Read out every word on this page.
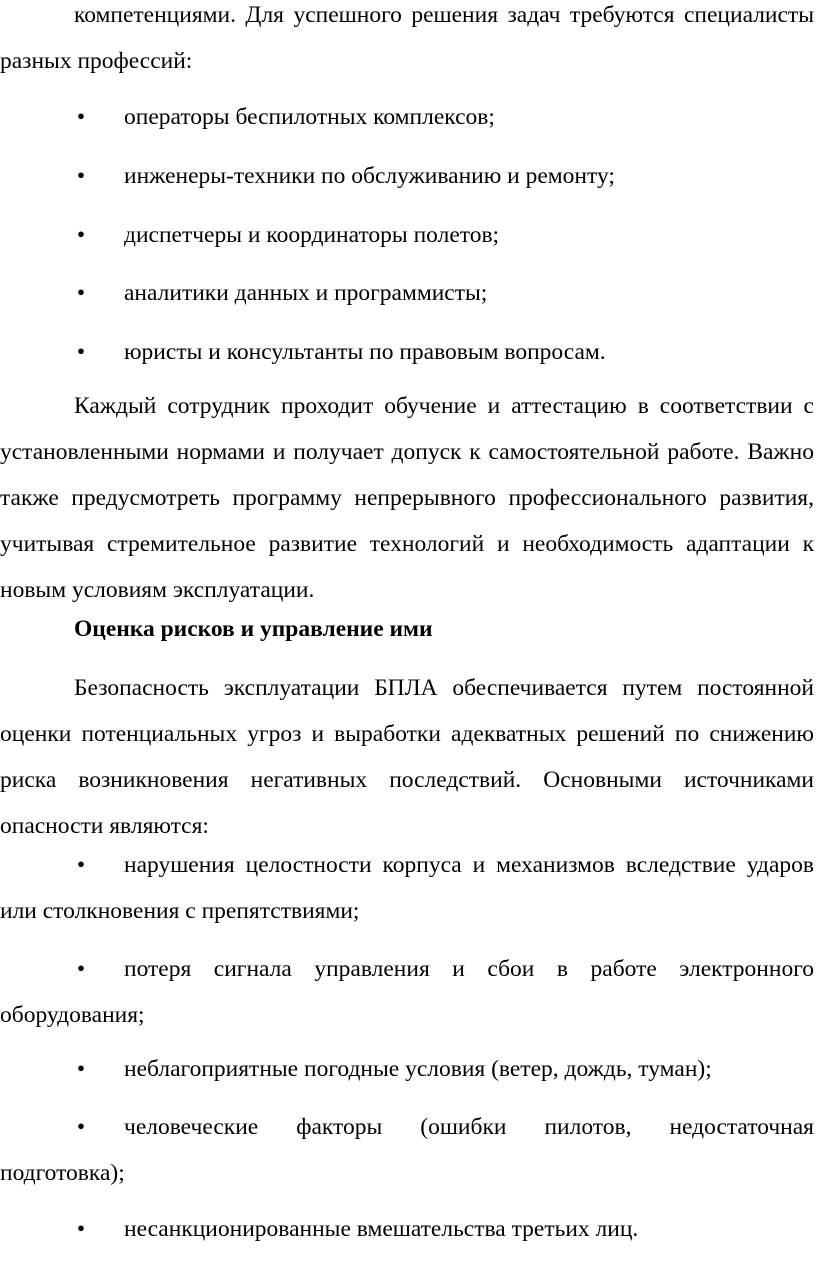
компетенциями. Для успешного решения задач требуются специалисты разных профессий:

•	операторы беспилотных комплексов;
•	инженеры-техники по обслуживанию и ремонту;
•	диспетчеры и координаторы полетов;
•	аналитики данных и программисты;
•	юристы и консультанты по правовым вопросам.

Каждый сотрудник проходит обучение и аттестацию в соответствии с установленными нормами и получает допуск к самостоятельной работе. Важно также предусмотреть программу непрерывного профессионального развития, учитывая стремительное развитие технологий и необходимость адаптации к новым условиям эксплуатации.

Оценка рисков и управление ими

Безопасность эксплуатации БПЛА обеспечивается путем постоянной оценки потенциальных угроз и выработки адекватных решений по снижению риска возникновения негативных последствий. Основными источниками опасности являются:

•	нарушения целостности корпуса и механизмов вследствие ударов или столкновения с препятствиями;
•	потеря сигнала управления и сбои в работе электронного оборудования;
•	неблагоприятные погодные условия (ветер, дождь, туман);
•	человеческие факторы (ошибки пилотов, недостаточная подготовка);
•	несанкционированные вмешательства третьих лиц.
